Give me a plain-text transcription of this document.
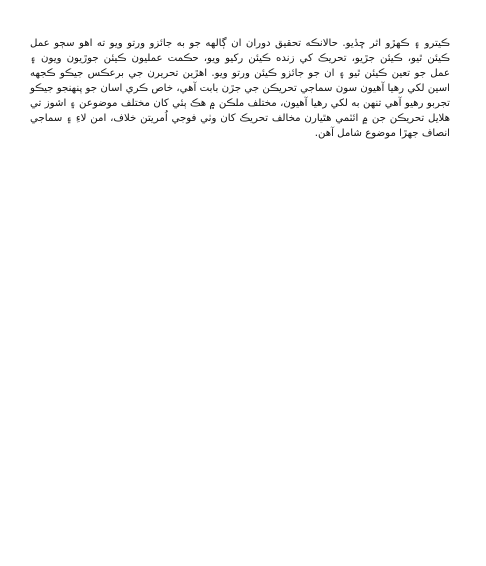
ڪيترو ۽ ڪهڙو اثر ڇڏيو. حالانڪه تحقيق دوران ان ڳالهه جو به جائزو ورتو ويو ته اهو سڄو عمل
ڪيئن ٿيو، ڪيئن جڙيو، تحريڪ کي زنده ڪيئن رکيو ويو، حڪمت عمليون ڪيئن جوڙيون ويون ۽
عمل جو تعين ڪيئن ٿيو ۽ ان جو جائزو ڪيئن ورتو ويو. اهڙين تحريرن جي برعڪس جيڪو ڪجهه
اسين لکي رهيا آهيون سون سماجي تحريڪن جي جڙن بابت آهي، خاص ڪري اسان جو پنهنجو جيڪو
تجربو رهيو آهي تنهن به لکي رهيا آهيون، مختلف ملڪن ۾ هڪ ٻئي کان مختلف موضوعن ۽ اشوز تي
هلايل تحريڪن جن ۾ ائٽمي هٿيارن مخالف تحريڪ کان وٺي فوجي اُمريتن خلاف، امن لاءِ ۽ سماجي
انصاف جهڙا موضوع شامل آهن.
